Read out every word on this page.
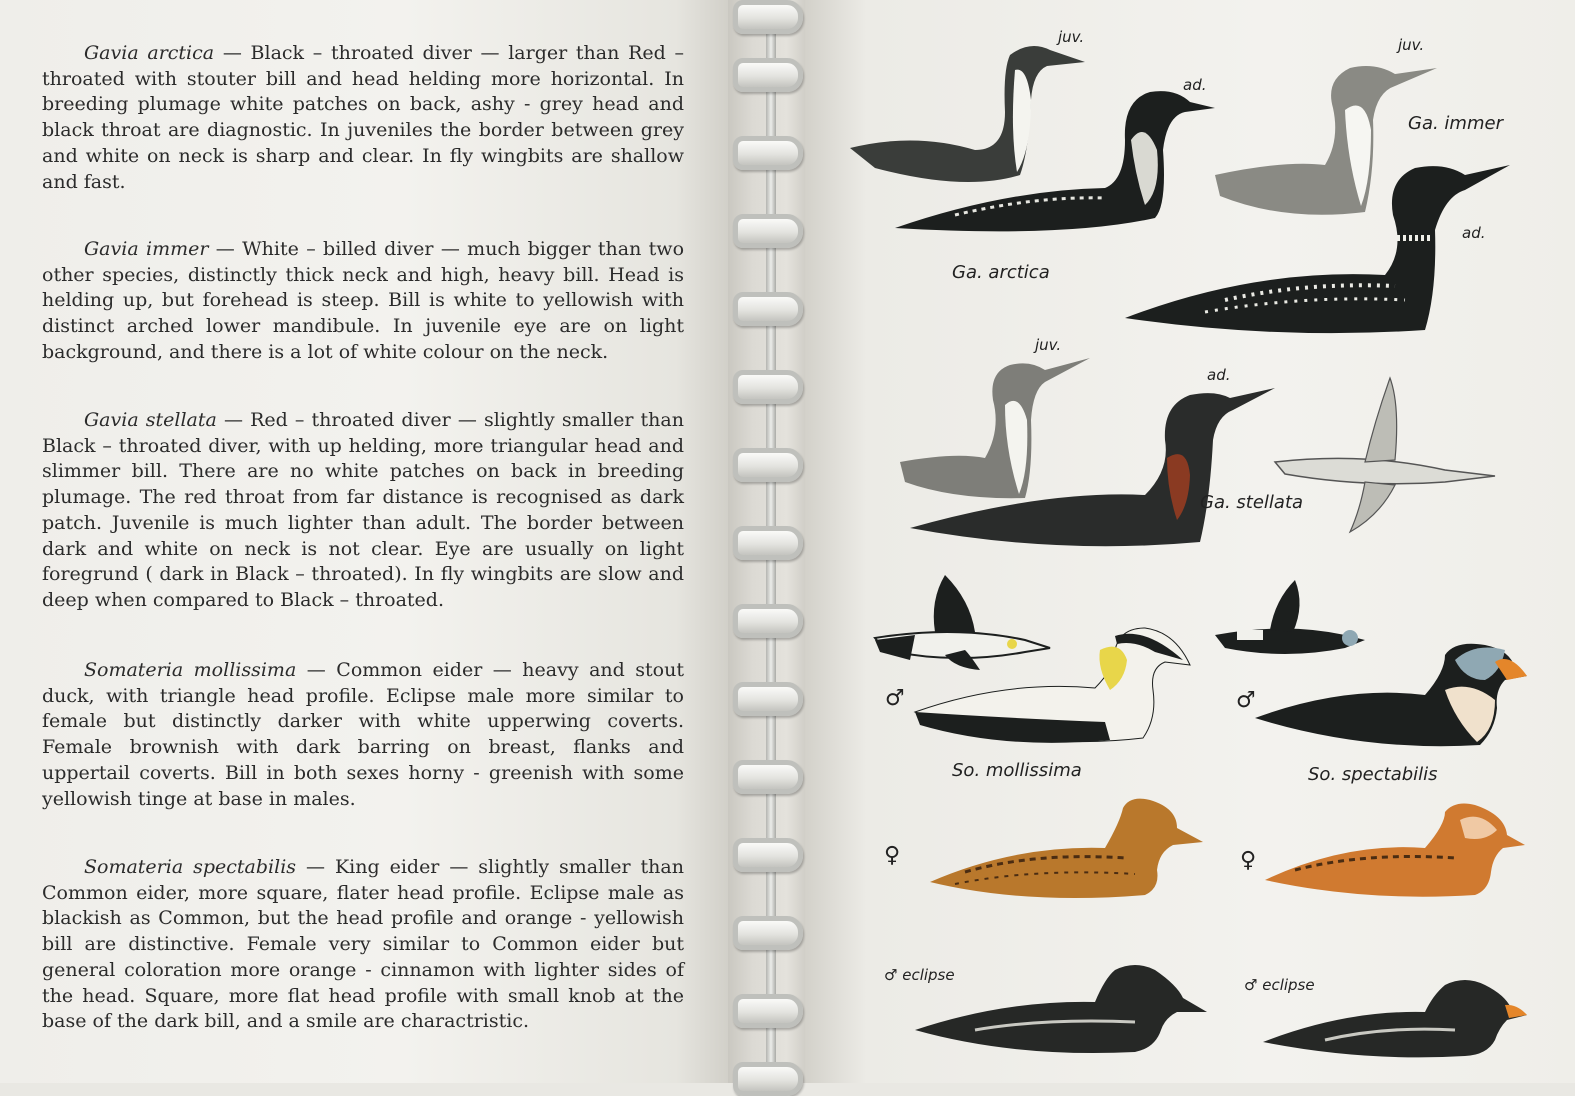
Gavia arctica — Black – throated diver — larger than Red – throated with stouter bill and head helding more horizontal. In breeding plumage white patches on back, ashy - grey head and black throat are diagnostic. In juveniles the border between grey and white on neck is sharp and clear. In fly wingbits are shallow and fast.

Gavia immer — White – billed diver — much bigger than two other species, distinctly thick neck and high, heavy bill. Head is helding up, but forehead is steep. Bill is white to yellowish with distinct arched lower mandibule. In juvenile eye are on light background, and there is a lot of white colour on the neck.

Gavia stellata — Red – throated diver — slightly smaller than Black – throated diver, with up helding, more triangular head and slimmer bill. There are no white patches on back in breeding plumage. The red throat from far distance is recognised as dark patch. Juvenile is much lighter than adult. The border between dark and white on neck is not clear. Eye are usually on light foregrund ( dark in Black – throated). In fly wingbits are slow and deep when compared to Black – throated.

Somateria mollissima — Common eider — heavy and stout duck, with triangle head profile. Eclipse male more similar to female but distinctly darker with white upperwing coverts. Female brownish with dark barring on breast, flanks and uppertail coverts. Bill in both sexes horny - greenish with some yellowish tinge at base in males.

Somateria spectabilis — King eider — slightly smaller than Common eider, more square, flater head profile. Eclipse male as blackish as Common, but the head profile and orange - yellowish bill are distinctive. Female very similar to Common eider but general coloration more orange - cinnamon with lighter sides of the head. Square, more flat head profile with small knob at the base of the dark bill, and a smile are charactristic.

juv.
ad.
Ga. arctica
juv.
Ga. immer
ad.
juv.
ad.
Ga. stellata
♂	♂
So. mollissima	So. spectabilis
♀	♀
♂ eclipse
♂ eclipse
